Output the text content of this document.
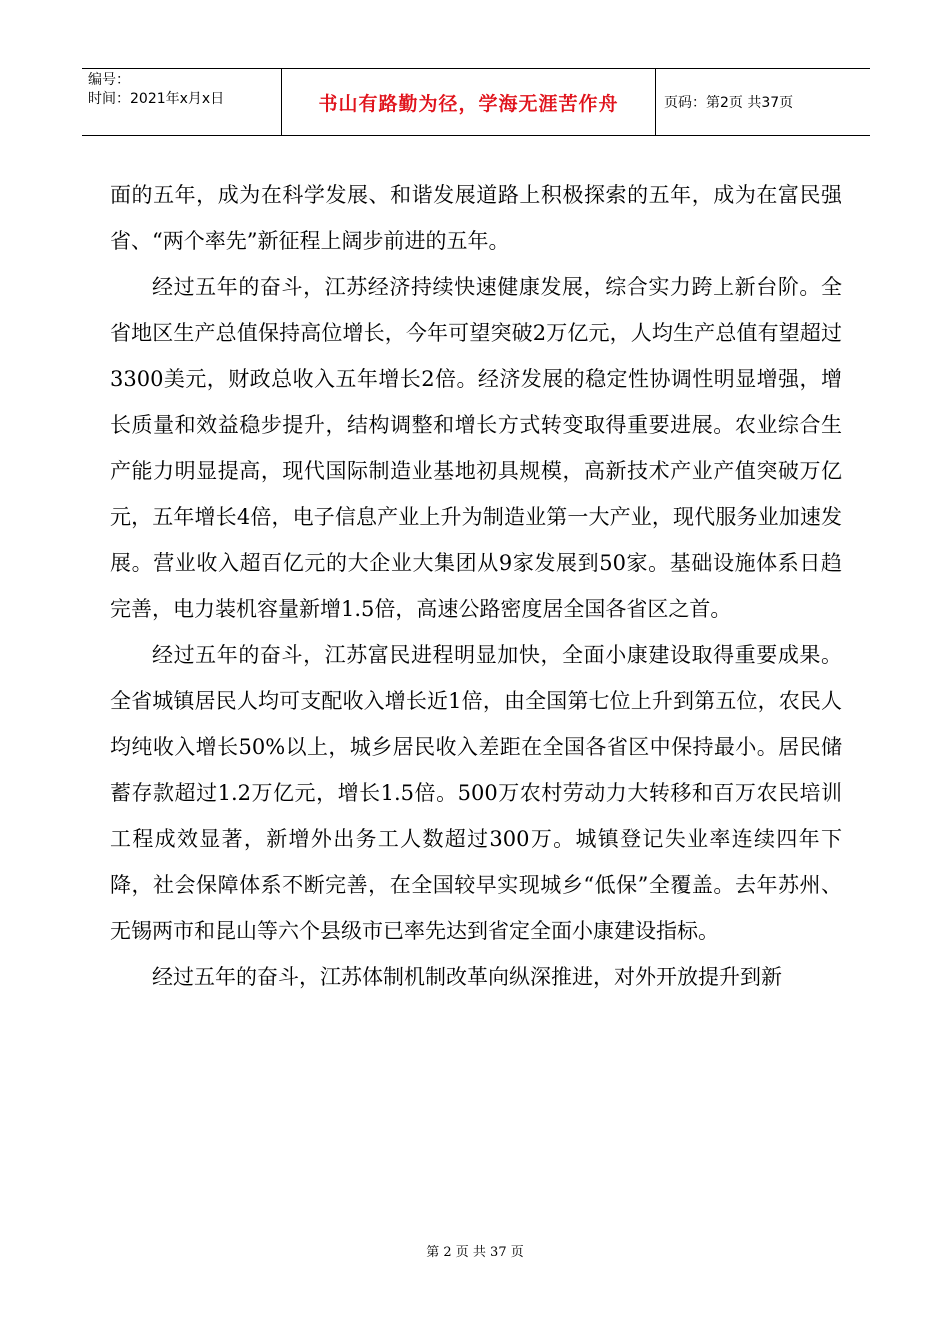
编号：
时间：2021年x月x日	书山有路勤为径，学海无涯苦作舟	页码：第2页 共37页

面的五年，成为在科学发展、和谐发展道路上积极探索的五年，成为在富民强省、“两个率先”新征程上阔步前进的五年。

经过五年的奋斗，江苏经济持续快速健康发展，综合实力跨上新台阶。全省地区生产总值保持高位增长，今年可望突破2万亿元，人均生产总值有望超过3300美元，财政总收入五年增长2倍。经济发展的稳定性协调性明显增强，增长质量和效益稳步提升，结构调整和增长方式转变取得重要进展。农业综合生产能力明显提高，现代国际制造业基地初具规模，高新技术产业产值突破万亿元，五年增长4倍，电子信息产业上升为制造业第一大产业，现代服务业加速发展。营业收入超百亿元的大企业大集团从9家发展到50家。基础设施体系日趋完善，电力装机容量新增1.5倍，高速公路密度居全国各省区之首。

经过五年的奋斗，江苏富民进程明显加快，全面小康建设取得重要成果。全省城镇居民人均可支配收入增长近1倍，由全国第七位上升到第五位，农民人均纯收入增长50%以上，城乡居民收入差距在全国各省区中保持最小。居民储蓄存款超过1.2万亿元，增长1.5倍。500万农村劳动力大转移和百万农民培训工程成效显著，新增外出务工人数超过300万。城镇登记失业率连续四年下降，社会保障体系不断完善，在全国较早实现城乡“低保”全覆盖。去年苏州、无锡两市和昆山等六个县级市已率先达到省定全面小康建设指标。

经过五年的奋斗，江苏体制机制改革向纵深推进，对外开放提升到新

第 2 页 共 37 页
